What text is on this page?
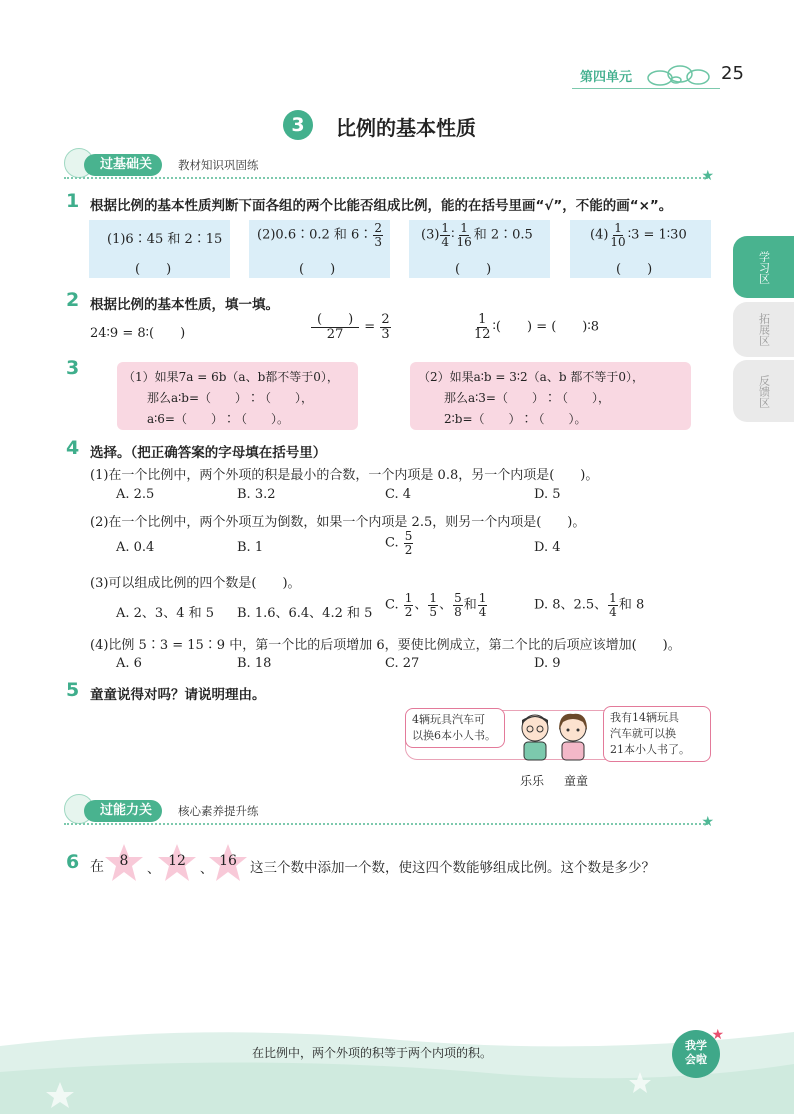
第四单元	25
3	比例的基本性质
过基础关	教材知识巩固练
★
学习区
拓展区
反馈区
1 根据比例的基本性质判断下面各组的两个比能否组成比例，能的在括号里画“√”，不能的画“×”。
(1)6∶45 和 2∶15
(　　)
(2)0.6∶0.2 和 6∶ $\frac{2}{3}$
(　　)
$(3) \frac{1}{4}$ ∶ $\frac{1}{16}$ 和 2∶0.5
(　　)
$(4) \frac{1}{10}$ ∶3 = 1∶30
(　　)
2 根据比例的基本性质，填一填。
24∶9 = 8∶(　　)	$\frac{( )}{27} = \frac{2}{3}$	$\frac{1}{12}$ ∶(　　) = (　　)∶8
3	（1）如果7a = 6b（a、b都不等于0），
那么a∶b=（　　）∶（　　），
a∶6=（　　）∶（　　）。
（2）如果a∶b = 3∶2（a、b 都不等于0），
那么a∶3=（　　）∶（　　），
2∶b=（　　）∶（　　）。
4 选择。（把正确答案的字母填在括号里）
(1)在一个比例中，两个外项的积是最小的合数，一个内项是 0.8，另一个内项是(　　)。
A. 2.5	B. 3.2	C. 4	D. 5
(2)在一个比例中，两个外项互为倒数，如果一个内项是 2.5，则另一个内项是(　　)。
A. 0.4	B. 1	C. $\frac{5}{2}$	D. 4
(3)可以组成比例的四个数是(　　)。
A. 2、3、4 和 5 B. 1.6、6.4、4.2 和 5
C. $\frac{1}{2}$ 、 $\frac{1}{5}$ 、 $\frac{5}{8}$ 和 $\frac{1}{4}$	D. 8、2.5、 $\frac{1}{4}$ 和 8
(4)比例 5∶3 = 15∶9 中，第一个比的后项增加 6，要使比例成立，第二个比的后项应该增加(　　)。
A. 6	B. 18	C. 27	D. 9
5 童童说得对吗？请说明理由。
4辆玩具汽车可
以换6本小人书。
我有14辆玩具
汽车就可以换
21本小人书了。
乐乐 童童
过能力关	核心素养提升练
★
6 在	8
、
12
、
16 这三个数中添加一个数，使这四个数能够组成比例。这个数是多少？
在比例中，两个外项的积等于两个内项的积。
我学
会啦
★
